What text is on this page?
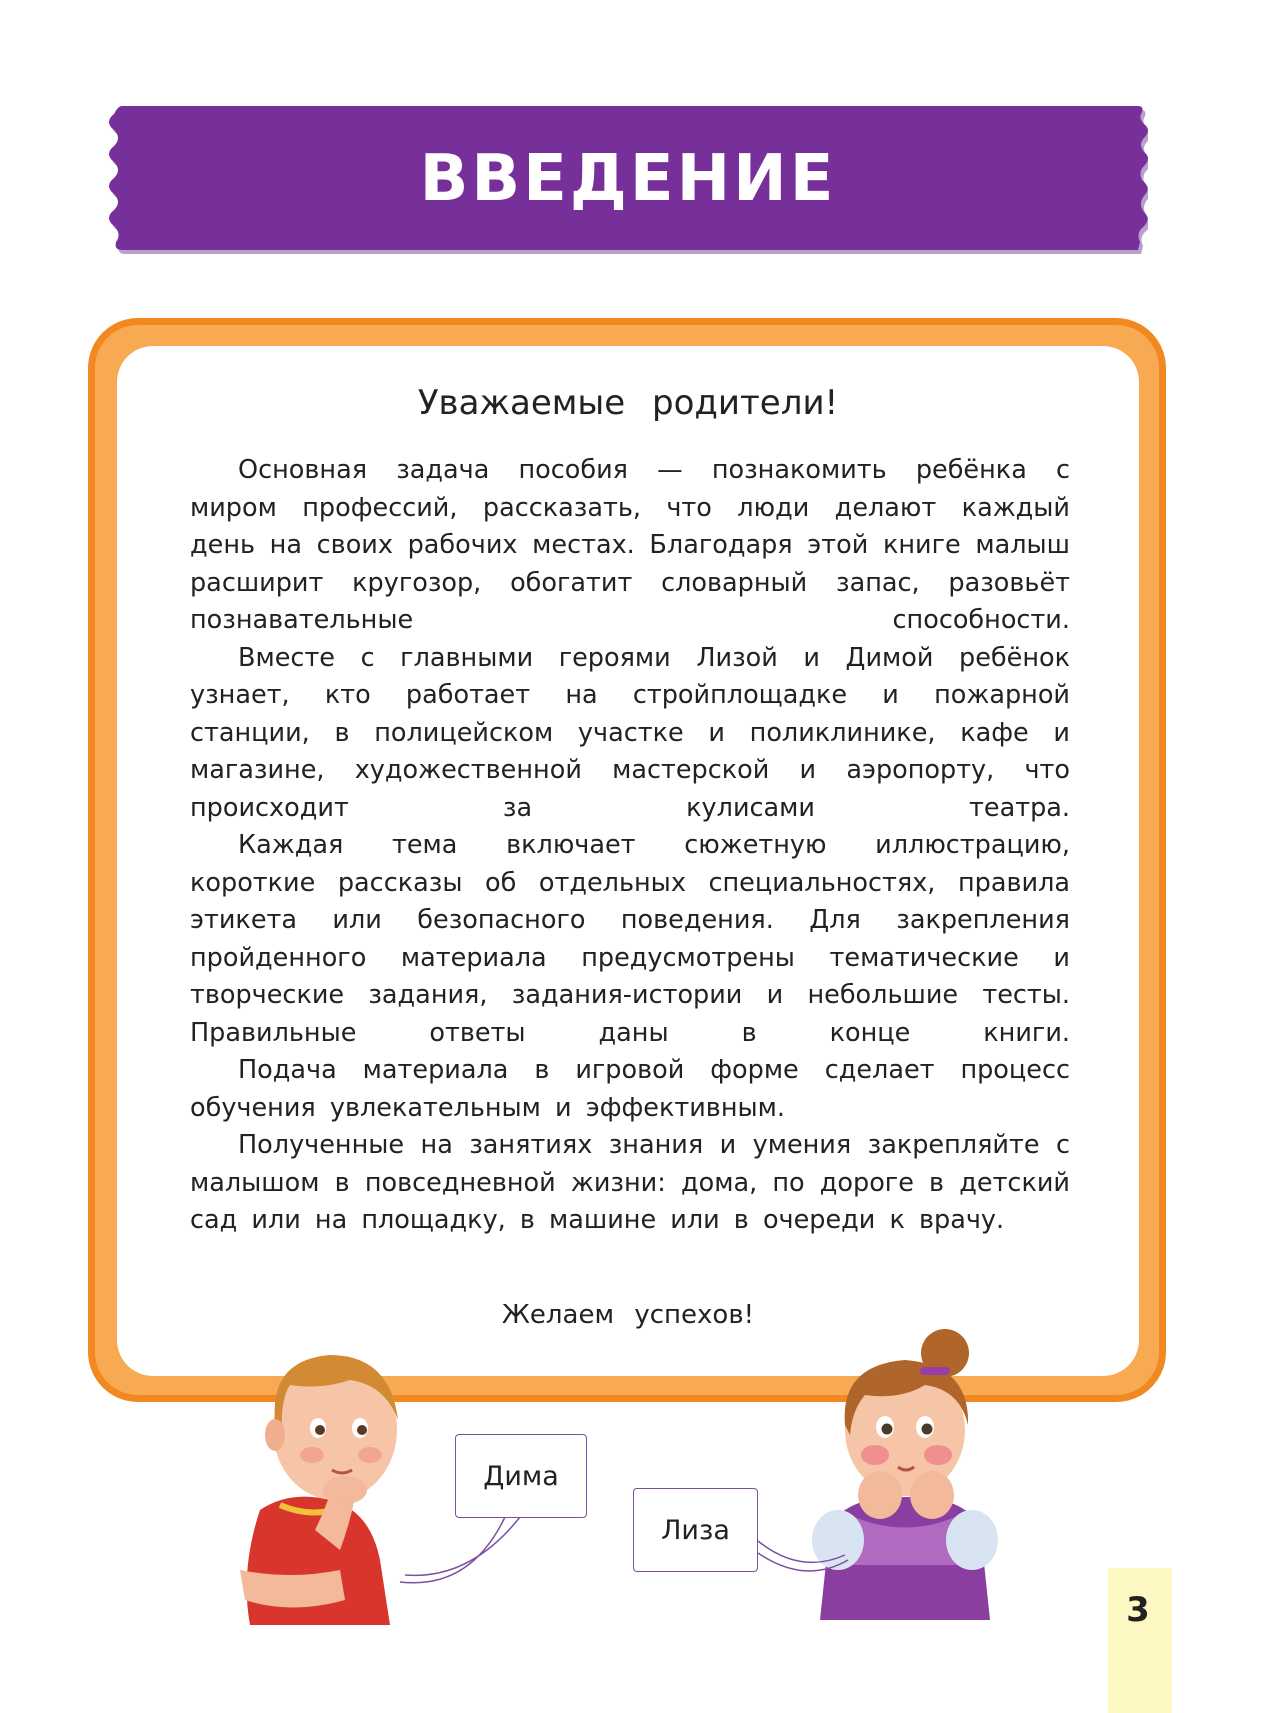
ВВЕДЕНИЕ
Уважаемые родители!

Основная задача пособия — познакомить ребёнка с миром профессий, рассказать, что люди делают каждый день на своих рабочих местах. Благодаря этой книге малыш расширит кругозор, обогатит словарный запас, разовьёт познавательные способности.

Вместе с главными героями Лизой и Димой ребёнок узнает, кто работает на стройплощадке и пожарной станции, в полицейском участке и поликлинике, кафе и магазине, художественной мастерской и аэропорту, что происходит за кулисами театра.

Каждая тема включает сюжетную иллюстрацию, короткие рассказы об отдельных специальностях, правила этикета или безопасного поведения. Для закрепления пройденного материала предусмотрены тематические и творческие задания, задания-истории и небольшие тесты. Правильные ответы даны в конце книги.

Подача материала в игровой форме сделает процесс обучения увлекательным и эффективным.

Полученные на занятиях знания и умения закрепляйте с малышом в повседневной жизни: дома, по дороге в детский сад или на площадку, в машине или в очереди к врачу.

Желаем успехов!
Дима
Лиза
3
